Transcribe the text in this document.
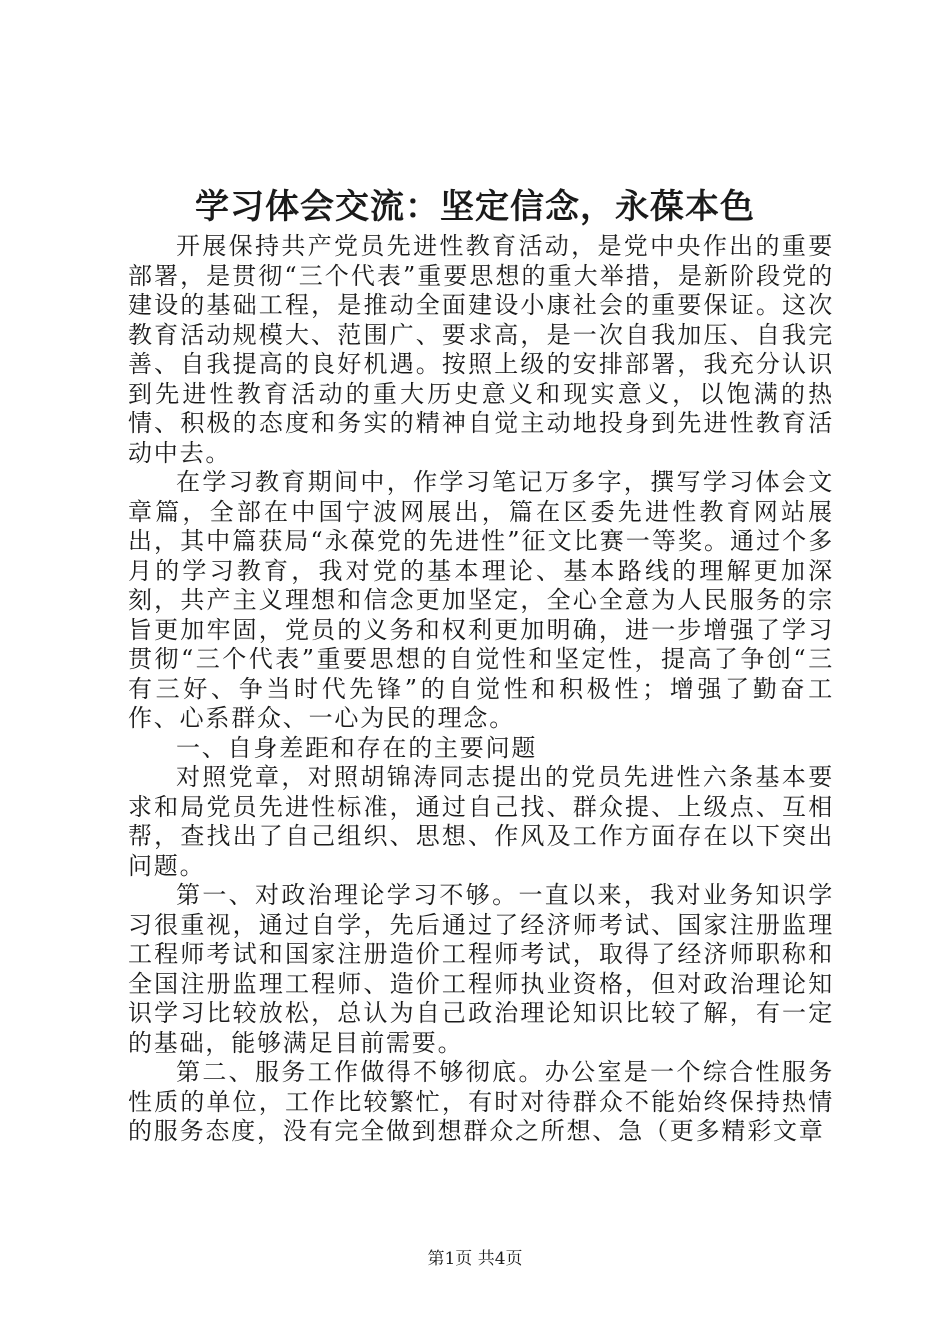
学习体会交流：坚定信念，永葆本色

开展保持共产党员先进性教育活动，是党中央作出的重要部署，是贯彻“三个代表”重要思想的重大举措，是新阶段党的建设的基础工程，是推动全面建设小康社会的重要保证。这次教育活动规模大、范围广、要求高，是一次自我加压、自我完善、自我提高的良好机遇。按照上级的安排部署，我充分认识到先进性教育活动的重大历史意义和现实意义，以饱满的热情、积极的态度和务实的精神自觉主动地投身到先进性教育活动中去。

在学习教育期间中，作学习笔记万多字，撰写学习体会文章篇，全部在中国宁波网展出，篇在区委先进性教育网站展出，其中篇获局“永葆党的先进性”征文比赛一等奖。通过个多月的学习教育，我对党的基本理论、基本路线的理解更加深刻，共产主义理想和信念更加坚定，全心全意为人民服务的宗旨更加牢固，党员的义务和权利更加明确，进一步增强了学习贯彻“三个代表”重要思想的自觉性和坚定性，提高了争创“三有三好、争当时代先锋”的自觉性和积极性；增强了勤奋工作、心系群众、一心为民的理念。

一、自身差距和存在的主要问题

对照党章，对照胡锦涛同志提出的党员先进性六条基本要求和局党员先进性标准，通过自己找、群众提、上级点、互相帮，查找出了自己组织、思想、作风及工作方面存在以下突出问题。

第一、对政治理论学习不够。一直以来，我对业务知识学习很重视，通过自学，先后通过了经济师考试、国家注册监理工程师考试和国家注册造价工程师考试，取得了经济师职称和全国注册监理工程师、造价工程师执业资格，但对政治理论知识学习比较放松，总认为自己政治理论知识比较了解，有一定的基础，能够满足目前需要。

第二、服务工作做得不够彻底。办公室是一个综合性服务性质的单位，工作比较繁忙，有时对待群众不能始终保持热情的服务态度，没有完全做到想群众之所想、急（更多精彩文章

第1页 共4页
